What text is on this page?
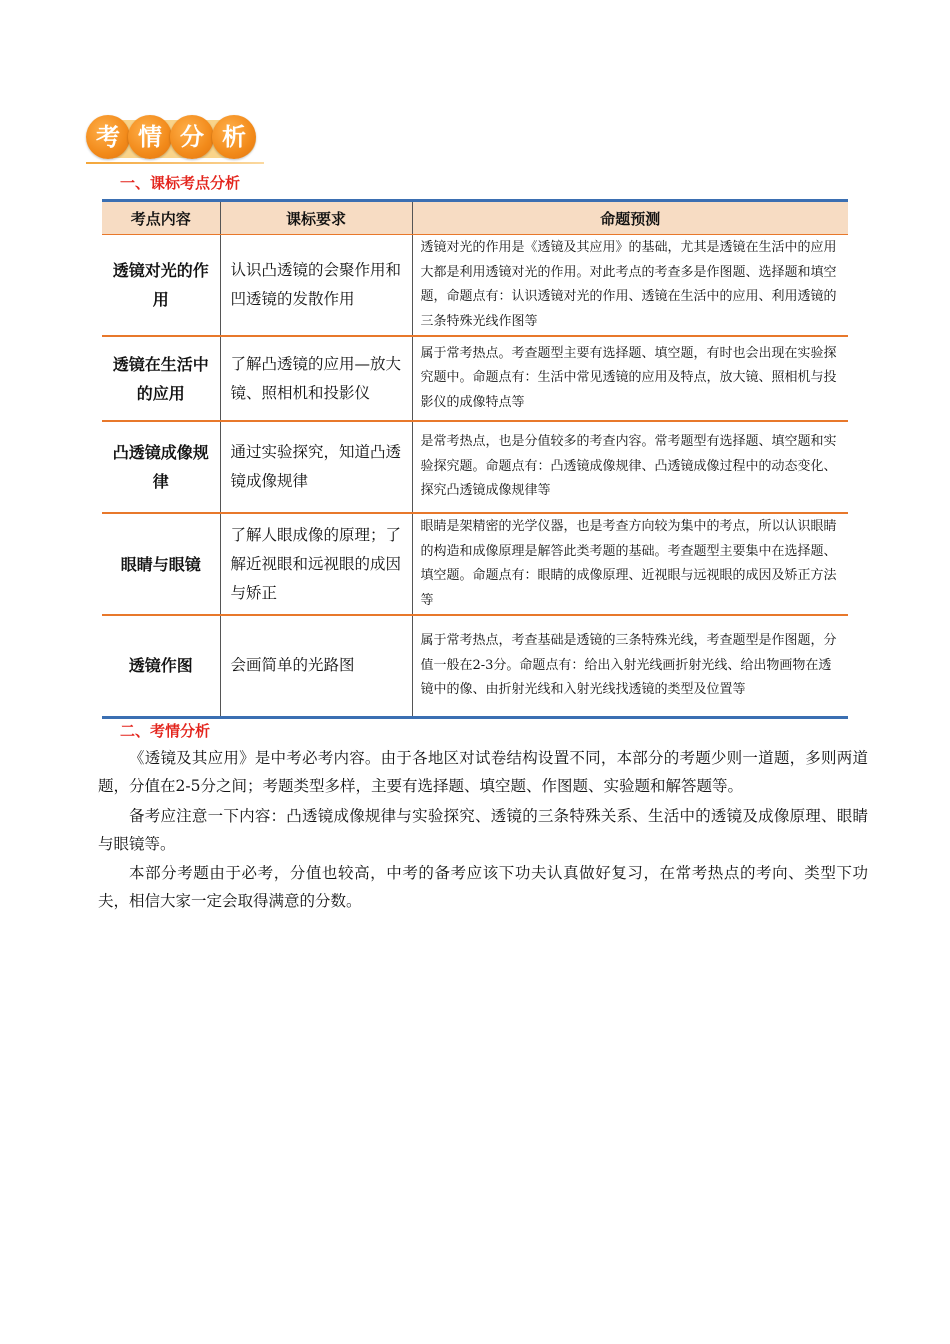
考 情 分 析
一、课标考点分析
考点内容	课标要求	命题预测
透镜对光的作用	认识凸透镜的会聚作用和凹透镜的发散作用	透镜对光的作用是《透镜及其应用》的基础，尤其是透镜在生活中的应用大都是利用透镜对光的作用。对此考点的考查多是作图题、选择题和填空题，命题点有：认识透镜对光的作用、透镜在生活中的应用、利用透镜的三条特殊光线作图等
透镜在生活中的应用	了解凸透镜的应用—放大镜、照相机和投影仪	属于常考热点。考查题型主要有选择题、填空题，有时也会出现在实验探究题中。命题点有：生活中常见透镜的应用及特点，放大镜、照相机与投影仪的成像特点等
凸透镜成像规律	通过实验探究，知道凸透镜成像规律	是常考热点，也是分值较多的考查内容。常考题型有选择题、填空题和实验探究题。命题点有：凸透镜成像规律、凸透镜成像过程中的动态变化、探究凸透镜成像规律等
眼睛与眼镜	了解人眼成像的原理；了解近视眼和远视眼的成因与矫正	眼睛是架精密的光学仪器，也是考查方向较为集中的考点，所以认识眼睛的构造和成像原理是解答此类考题的基础。考查题型主要集中在选择题、填空题。命题点有：眼睛的成像原理、近视眼与远视眼的成因及矫正方法等
透镜作图	会画简单的光路图	属于常考热点，考查基础是透镜的三条特殊光线，考查题型是作图题，分值一般在2-3分。命题点有：给出入射光线画折射光线、给出物画物在透镜中的像、由折射光线和入射光线找透镜的类型及位置等
二、考情分析

《透镜及其应用》是中考必考内容。由于各地区对试卷结构设置不同，本部分的考题少则一道题，多则两道题，分值在2-5分之间；考题类型多样，主要有选择题、填空题、作图题、实验题和解答题等。

备考应注意一下内容：凸透镜成像规律与实验探究、透镜的三条特殊关系、生活中的透镜及成像原理、眼睛与眼镜等。

本部分考题由于必考，分值也较高，中考的备考应该下功夫认真做好复习，在常考热点的考向、类型下功夫，相信大家一定会取得满意的分数。
